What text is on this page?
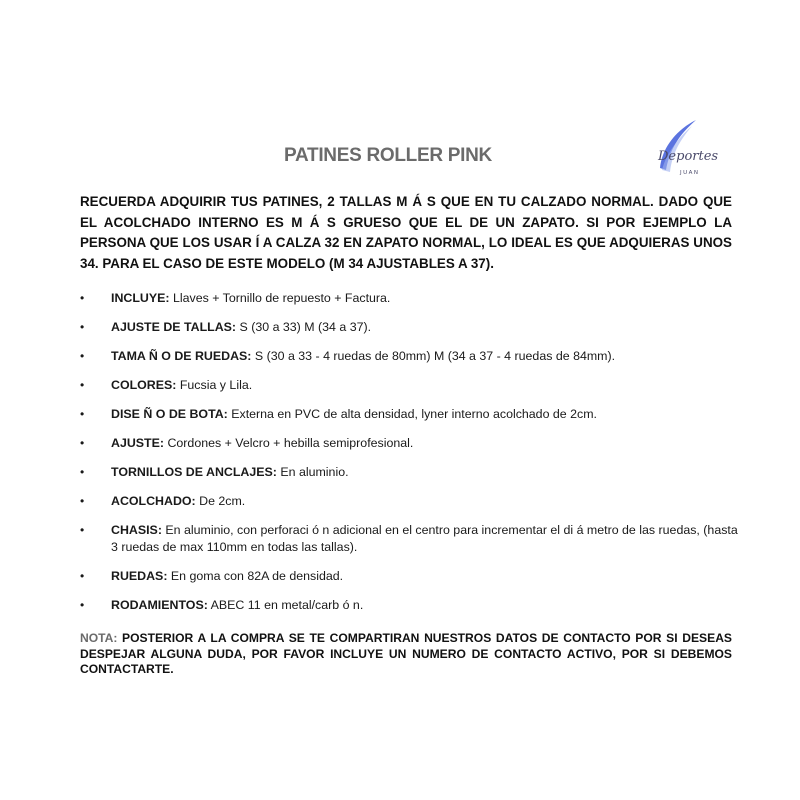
PATINES ROLLER PINK	Deportes
JUAN
RECUERDA ADQUIRIR TUS PATINES, 2 TALLAS M Á S QUE EN TU CALZADO NORMAL. DADO QUE EL ACOLCHADO INTERNO ES M Á S GRUESO QUE EL DE UN ZAPATO. SI POR EJEMPLO LA PERSONA QUE LOS USAR Í A CALZA 32 EN ZAPATO NORMAL, LO IDEAL ES QUE ADQUIERAS UNOS 34. PARA EL CASO DE ESTE MODELO (M 34 AJUSTABLES A 37).
• INCLUYE: Llaves + Tornillo de repuesto + Factura.
• AJUSTE DE TALLAS: S (30 a 33) M (34 a 37).
• TAMA Ñ O DE RUEDAS: S (30 a 33 - 4 ruedas de 80mm) M (34 a 37 - 4 ruedas de 84mm).
• COLORES: Fucsia y Lila.
• DISE Ñ O DE BOTA: Externa en PVC de alta densidad, lyner interno acolchado de 2cm.
• AJUSTE: Cordones + Velcro + hebilla semiprofesional.
• TORNILLOS DE ANCLAJES: En aluminio.
• ACOLCHADO: De 2cm.
• CHASIS: En aluminio, con perforaci ó n adicional en el centro para incrementar el di á metro de las ruedas, (hasta 3 ruedas de max 110mm en todas las tallas).
• RUEDAS: En goma con 82A de densidad.
• RODAMIENTOS: ABEC 11 en metal/carb ó n.
NOTA: POSTERIOR A LA COMPRA SE TE COMPARTIRAN NUESTROS DATOS DE CONTACTO POR SI DESEAS DESPEJAR ALGUNA DUDA, POR FAVOR INCLUYE UN NUMERO DE CONTACTO ACTIVO, POR SI DEBEMOS CONTACTARTE.
